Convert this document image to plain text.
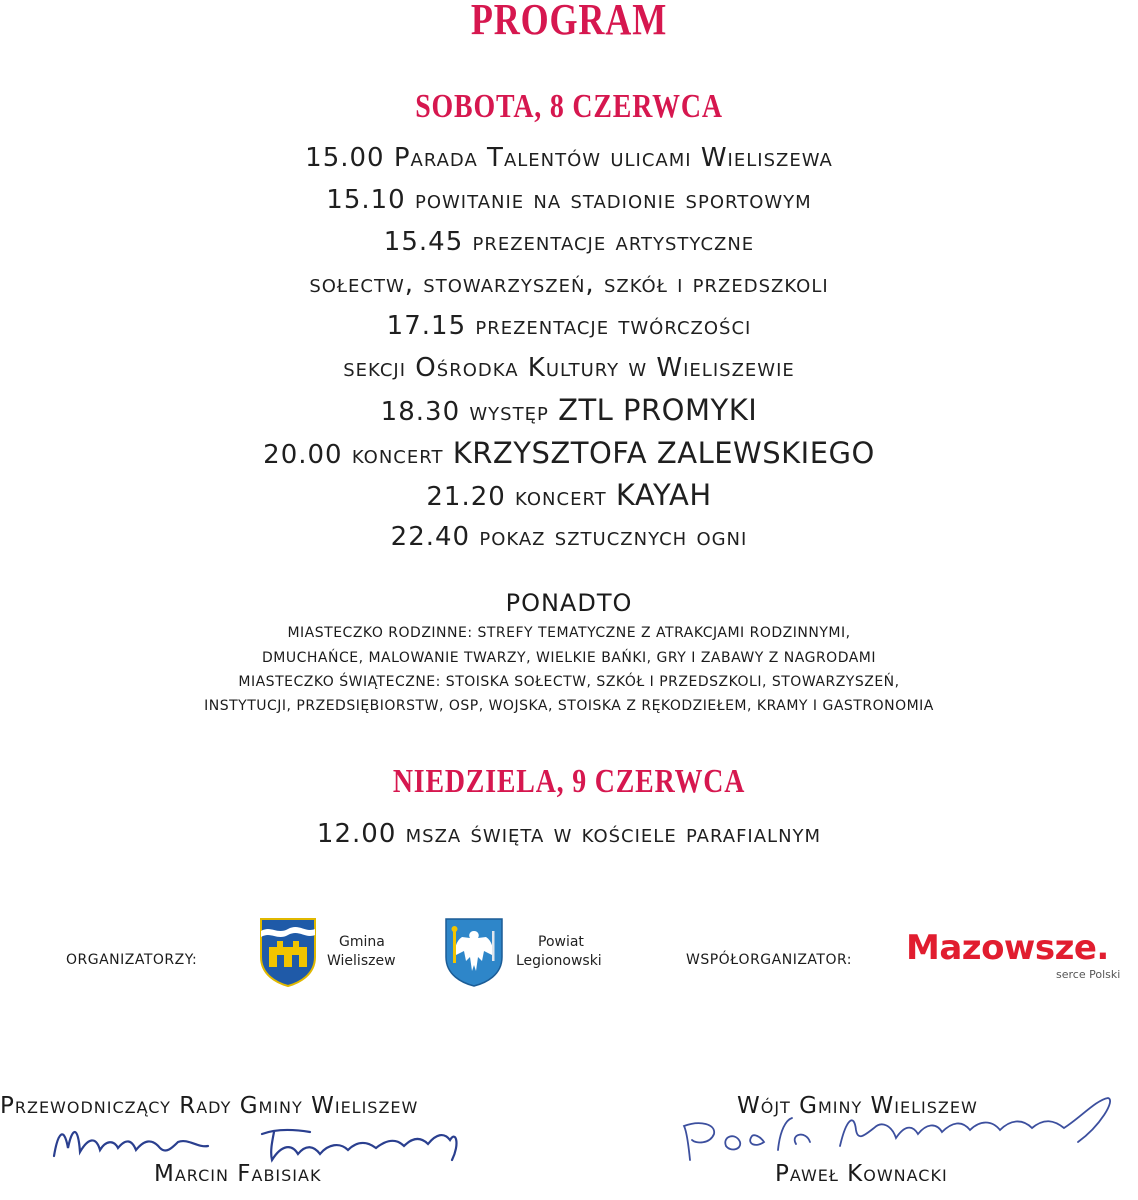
PROGRAM
SOBOTA, 8 CZERWCA
15.00 Parada Talentów ulicami Wieliszewa
15.10 powitanie na stadionie sportowym
15.45 prezentacje artystyczne
sołectw, stowarzyszeń, szkół i przedszkoli
17.15 prezentacje twórczości
sekcji Ośrodka Kultury w Wieliszewie
18.30 występ ZTL PROMYKI
20.00 koncert KRZYSZTOFA ZALEWSKIEGO
21.20 koncert KAYAH
22.40 pokaz sztucznych ogni
PONADTO
MIASTECZKO RODZINNE: STREFY TEMATYCZNE Z ATRAKCJAMI RODZINNYMI,
DMUCHAŃCE, MALOWANIE TWARZY, WIELKIE BAŃKI, GRY I ZABAWY Z NAGRODAMI
MIASTECZKO ŚWIĄTECZNE: STOISKA SOŁECTW, SZKÓŁ I PRZEDSZKOLI, STOWARZYSZEŃ,
INSTYTUCJI, PRZEDSIĘBIORSTW, OSP, WOJSKA, STOISKA Z RĘKODZIEŁEM, KRAMY I GASTRONOMIA
NIEDZIELA, 9 CZERWCA
12.00 msza święta w kościele parafialnym
ORGANIZATORZY:
Gmina
Wieliszew
Powiat
Legionowski	WSPÓŁORGANIZATOR: Mazowsze.
serce Polski
Przewodniczący Rady Gminy Wieliszew
Marcin Fabisiak
Wójt Gminy Wieliszew
Paweł Kownacki
